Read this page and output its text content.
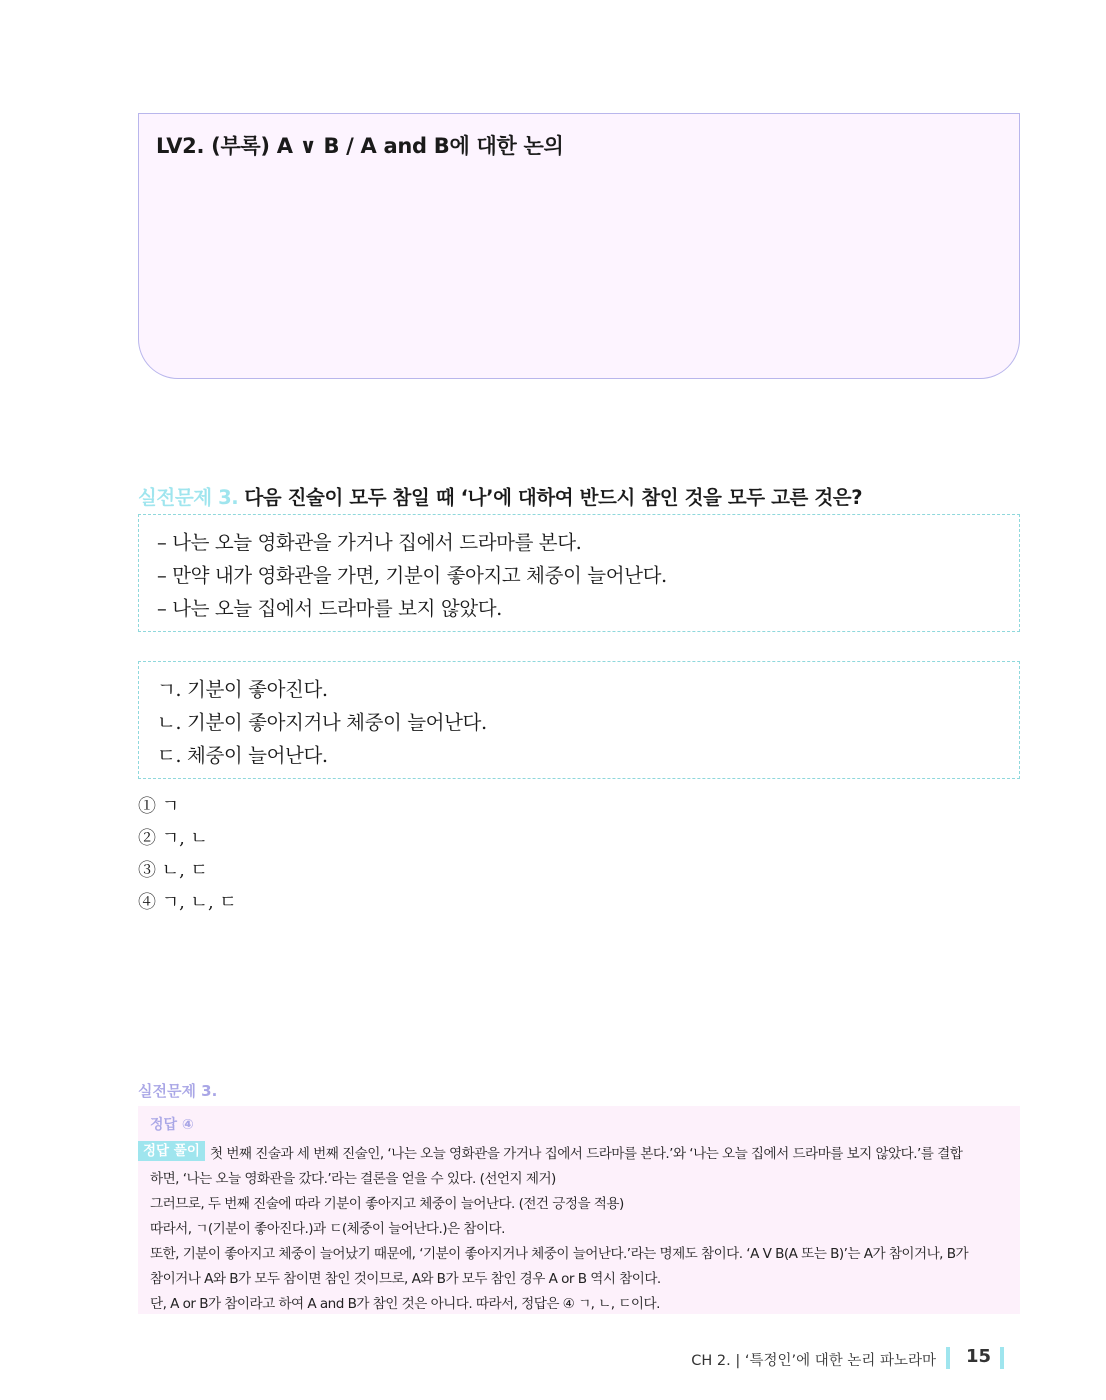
LV2. (부록) A ∨ B / A and B에 대한 논의
실전문제 3. 다음 진술이 모두 참일 때 ‘나’에 대하여 반드시 참인 것을 모두 고른 것은?
– 나는 오늘 영화관을 가거나 집에서 드라마를 본다.
– 만약 내가 영화관을 가면, 기분이 좋아지고 체중이 늘어난다.
– 나는 오늘 집에서 드라마를 보지 않았다.
ㄱ. 기분이 좋아진다.
ㄴ. 기분이 좋아지거나 체중이 늘어난다.
ㄷ. 체중이 늘어난다.
① ㄱ
② ㄱ, ㄴ
③ ㄴ, ㄷ
④ ㄱ, ㄴ, ㄷ
실전문제 3.
정답 ④
정답 풀이 첫 번째 진술과 세 번째 진술인, ‘나는 오늘 영화관을 가거나 집에서 드라마를 본다.’와 ‘나는 오늘 집에서 드라마를 보지 않았다.’를 결합
하면, ‘나는 오늘 영화관을 갔다.’라는 결론을 얻을 수 있다. (선언지 제거)
그러므로, 두 번째 진술에 따라 기분이 좋아지고 체중이 늘어난다. (전건 긍정을 적용)
따라서, ㄱ(기분이 좋아진다.)과 ㄷ(체중이 늘어난다.)은 참이다.
또한, 기분이 좋아지고 체중이 늘어났기 때문에, ‘기분이 좋아지거나 체중이 늘어난다.’라는 명제도 참이다. ‘A V B(A 또는 B)’는 A가 참이거나, B가
참이거나 A와 B가 모두 참이면 참인 것이므로, A와 B가 모두 참인 경우 A or B 역시 참이다.
단, A or B가 참이라고 하여 A and B가 참인 것은 아니다. 따라서, 정답은 ④ ㄱ, ㄴ, ㄷ이다.
CH 2. | ‘특정인’에 대한 논리 파노라마 15
